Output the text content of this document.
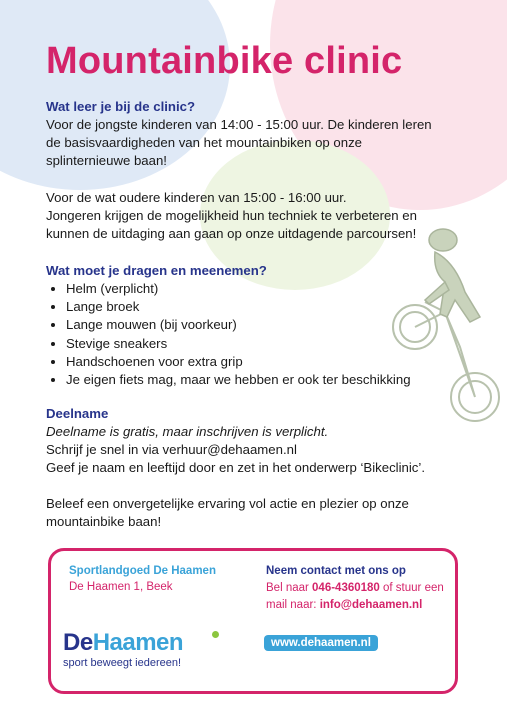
Mountainbike clinic
Wat leer je bij de clinic?
Voor de jongste kinderen van 14:00 - 15:00 uur. De kinderen leren
de basisvaardigheden van het mountainbiken op onze
splinternieuwe baan!
Voor de wat oudere kinderen van 15:00 - 16:00 uur.
Jongeren krijgen de mogelijkheid hun techniek te verbeteren en
kunnen de uitdaging aan gaan op onze uitdagende parcoursen!
Wat moet je dragen en meenemen?
• Helm (verplicht)
• Lange broek
• Lange mouwen (bij voorkeur)
• Stevige sneakers
• Handschoenen voor extra grip
• Je eigen fiets mag, maar we hebben er ook ter beschikking
Deelname
Deelname is gratis, maar inschrijven is verplicht.
Schrijf je snel in via verhuur@dehaamen.nl
Geef je naam en leeftijd door en zet in het onderwerp ‘Bikeclinic’.
Beleef een onvergetelijke ervaring vol actie en plezier op onze
mountainbike baan!
Sportlandgoed De Haamen
De Haamen 1, Beek
Neem contact met ons op
Bel naar 046-4360180 of stuur een
mail naar: info@dehaamen.nl
DeHaamen
sport beweegt iedereen!
www.dehaamen.nl
